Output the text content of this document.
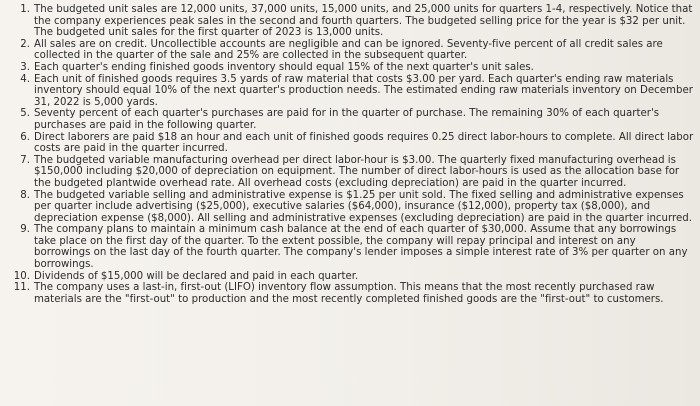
1. The budgeted unit sales are 12,000 units, 37,000 units, 15,000 units, and 25,000 units for quarters 1-4, respectively. Notice that the company experiences peak sales in the second and fourth quarters. The budgeted selling price for the year is $32 per unit. The budgeted unit sales for the first quarter of 2023 is 13,000 units.
2. All sales are on credit. Uncollectible accounts are negligible and can be ignored. Seventy-five percent of all credit sales are collected in the quarter of the sale and 25% are collected in the subsequent quarter.
3. Each quarter's ending finished goods inventory should equal 15% of the next quarter's unit sales.
4. Each unit of finished goods requires 3.5 yards of raw material that costs $3.00 per yard. Each quarter's ending raw materials inventory should equal 10% of the next quarter's production needs. The estimated ending raw materials inventory on December 31, 2022 is 5,000 yards.
5. Seventy percent of each quarter's purchases are paid for in the quarter of purchase. The remaining 30% of each quarter's purchases are paid in the following quarter.
6. Direct laborers are paid $18 an hour and each unit of finished goods requires 0.25 direct labor-hours to complete. All direct labor costs are paid in the quarter incurred.
7. The budgeted variable manufacturing overhead per direct labor-hour is $3.00. The quarterly fixed manufacturing overhead is $150,000 including $20,000 of depreciation on equipment. The number of direct labor-hours is used as the allocation base for the budgeted plantwide overhead rate. All overhead costs (excluding depreciation) are paid in the quarter incurred.
8. The budgeted variable selling and administrative expense is $1.25 per unit sold. The fixed selling and administrative expenses per quarter include advertising ($25,000), executive salaries ($64,000), insurance ($12,000), property tax ($8,000), and depreciation expense ($8,000). All selling and administrative expenses (excluding depreciation) are paid in the quarter incurred.
9. The company plans to maintain a minimum cash balance at the end of each quarter of $30,000. Assume that any borrowings take place on the first day of the quarter. To the extent possible, the company will repay principal and interest on any borrowings on the last day of the fourth quarter. The company's lender imposes a simple interest rate of 3% per quarter on any borrowings.
10. Dividends of $15,000 will be declared and paid in each quarter.
11. The company uses a last-in, first-out (LIFO) inventory flow assumption. This means that the most recently purchased raw materials are the "first-out" to production and the most recently completed finished goods are the "first-out" to customers.
